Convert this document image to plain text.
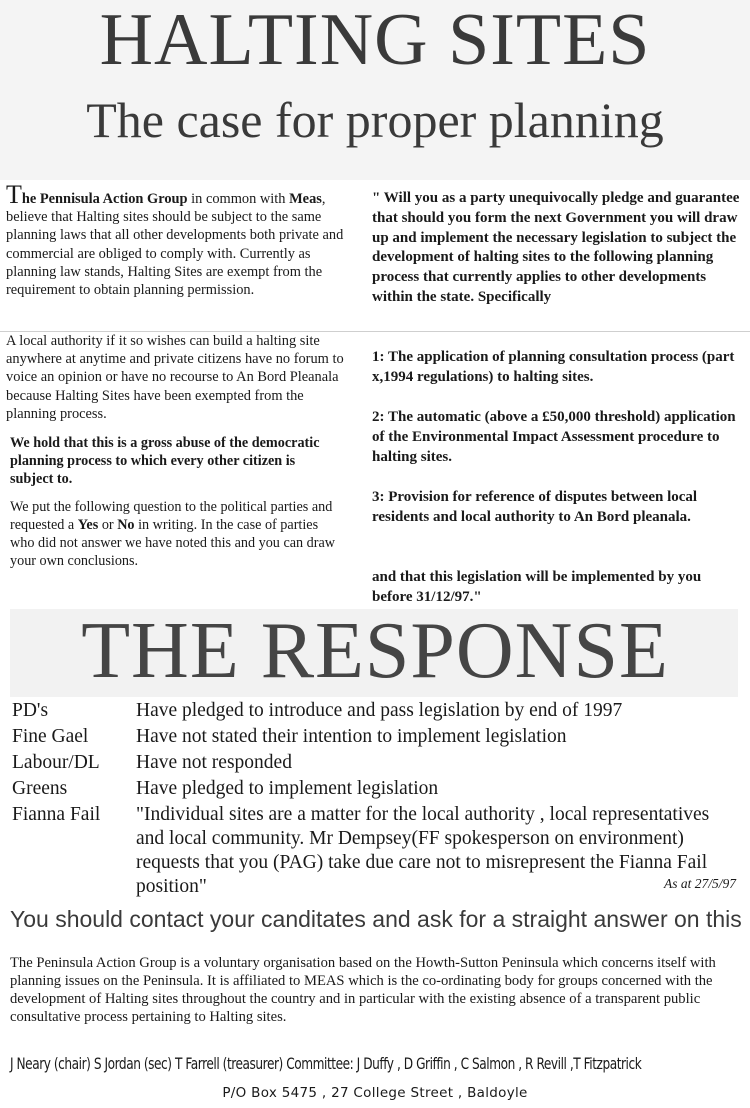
HALTING SITES
The case for proper planning
The Pennisula Action Group in common with Meas, believe that Halting sites should be subject to the same planning laws that all other developments both private and commercial are obliged to comply with. Currently as planning law stands, Halting Sites are exempt from the requirement to obtain planning permission.
A local authority if it so wishes can build a halting site anywhere at anytime and private citizens have no forum to voice an opinion or have no recourse to An Bord Pleanala because Halting Sites have been exempted from the planning process.
We hold that this is a gross abuse of the democratic planning process to which every other citizen is subject to.
We put the following question to the political parties and requested a Yes or No in writing. In the case of parties who did not answer we have noted this and you can draw your own conclusions.
" Will you as a party unequivocally pledge and guarantee that should you form the next Government you will draw up and implement the necessary legislation to subject the development of halting sites to the following planning process that currently applies to other developments within the state. Specifically
1: The application of planning consultation process (part x,1994 regulations) to halting sites.
2: The automatic (above a £50,000 threshold) application of the Environmental Impact Assessment procedure to halting sites.
3: Provision for reference of disputes between local residents and local authority to An Bord pleanala.
and that this legislation will be implemented by you before 31/12/97."
THE RESPONSE
PD's	Have pledged to introduce and pass legislation by end of 1997
Fine Gael Have not stated their intention to implement legislation
Labour/DL Have not responded
Greens	Have pledged to implement legislation
Fianna Fail "Individual sites are a matter for the local authority , local representatives and local community. Mr Dempsey(FF spokesperson on environment) requests that you (PAG) take due care not to misrepresent the Fianna Fail position"	As at 27/5/97
You should contact your canditates and ask for a straight answer on this
The Peninsula Action Group is a voluntary organisation based on the Howth-Sutton Peninsula which concerns itself with planning issues on the Peninsula. It is affiliated to MEAS which is the co-ordinating body for groups concerned with the development of Halting sites throughout the country and in particular with the existing absence of a transparent public consultative process pertaining to Halting sites.
J Neary (chair) S Jordan (sec) T Farrell (treasurer) Committee: J Duffy , D Griffin , C Salmon , R Revill ,T Fitzpatrick
P/O Box 5475 , 27 College Street , Baldoyle
